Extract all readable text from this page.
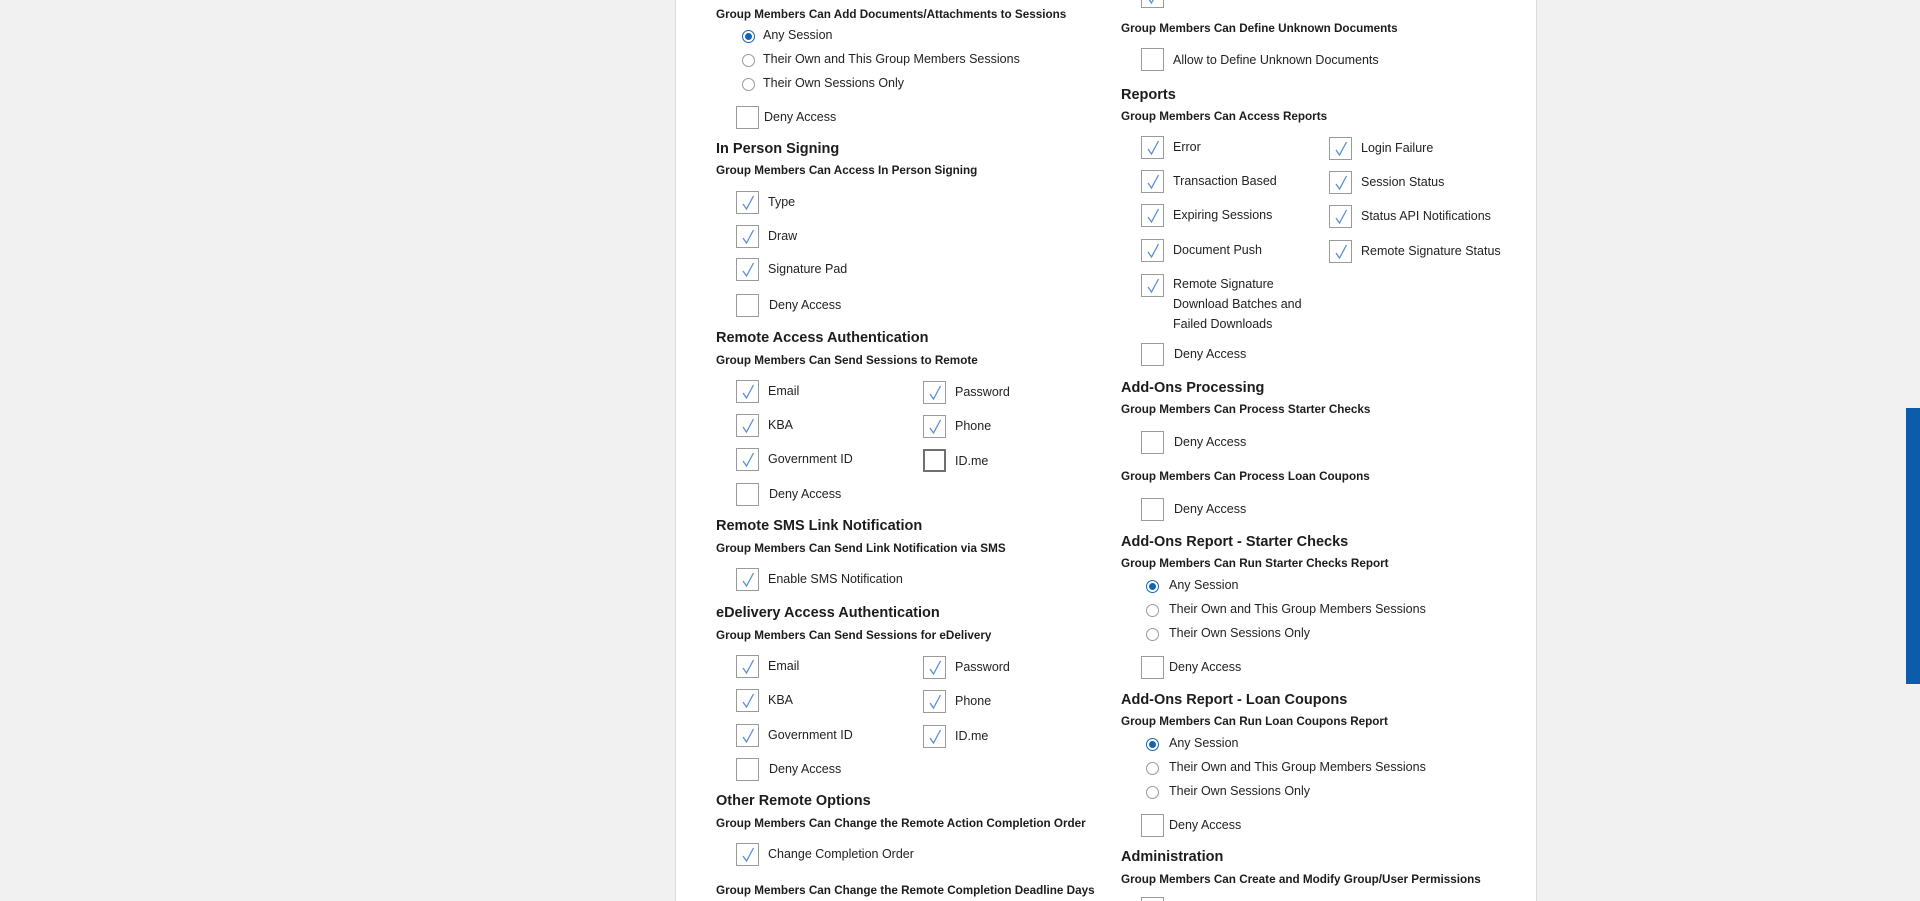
Group Members Can Add Documents/Attachments to Sessions
Any Session
Their Own and This Group Members Sessions
Their Own Sessions Only
Deny Access
In Person Signing
Group Members Can Access In Person Signing
Type
Draw
Signature Pad
Deny Access
Remote Access Authentication
Group Members Can Send Sessions to Remote
Email
KBA
Government ID
Password
Phone
ID.me
Deny Access
Remote SMS Link Notification
Group Members Can Send Link Notification via SMS
Enable SMS Notification
eDelivery Access Authentication
Group Members Can Send Sessions for eDelivery
Email
KBA
Government ID
Password
Phone
ID.me
Deny Access
Other Remote Options
Group Members Can Change the Remote Action Completion Order
Change Completion Order
Group Members Can Change the Remote Completion Deadline Days
Group Members Can Define Unknown Documents
Allow to Define Unknown Documents
Reports
Group Members Can Access Reports
Error
Transaction Based
Expiring Sessions
Document Push
Remote Signature Download Batches and Failed Downloads
Login Failure
Session Status
Status API Notifications
Remote Signature Status
Deny Access
Add-Ons Processing
Group Members Can Process Starter Checks
Deny Access
Group Members Can Process Loan Coupons
Deny Access
Add-Ons Report - Starter Checks
Group Members Can Run Starter Checks Report
Any Session
Their Own and This Group Members Sessions
Their Own Sessions Only
Deny Access
Add-Ons Report - Loan Coupons
Group Members Can Run Loan Coupons Report
Any Session
Their Own and This Group Members Sessions
Their Own Sessions Only
Deny Access
Administration
Group Members Can Create and Modify Group/User Permissions
